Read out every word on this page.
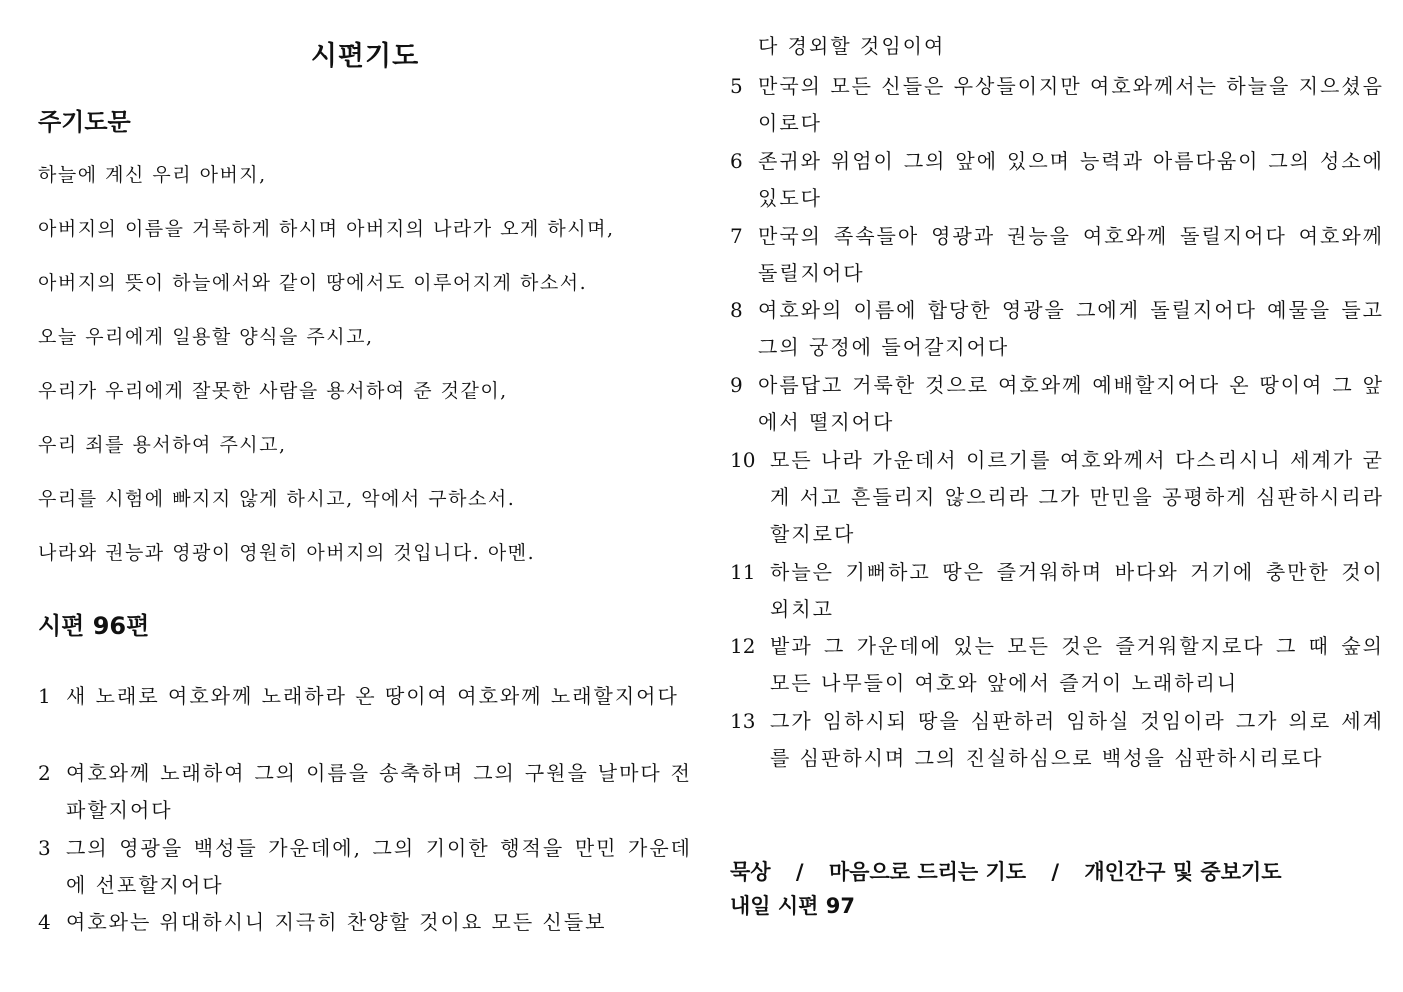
시편기도
주기도문
하늘에 계신 우리 아버지,
아버지의 이름을 거룩하게 하시며 아버지의 나라가 오게 하시며,
아버지의 뜻이 하늘에서와 같이 땅에서도 이루어지게 하소서.
오늘 우리에게 일용할 양식을 주시고,
우리가 우리에게 잘못한 사람을 용서하여 준 것같이,
우리 죄를 용서하여 주시고,
우리를 시험에 빠지지 않게 하시고, 악에서 구하소서.
나라와 권능과 영광이 영원히 아버지의 것입니다. 아멘.
시편 96편
1 새 노래로 여호와께 노래하라 온 땅이여 여호와께 노래할지어다
2 여호와께 노래하여 그의 이름을 송축하며 그의 구원을 날마다 전파할지어다
3 그의 영광을 백성들 가운데에, 그의 기이한 행적을 만민 가운데에 선포할지어다
4 여호와는 위대하시니 지극히 찬양할 것이요 모든 신들보
다 경외할 것임이여
5 만국의 모든 신들은 우상들이지만 여호와께서는 하늘을 지으셨음이로다
6 존귀와 위엄이 그의 앞에 있으며 능력과 아름다움이 그의 성소에 있도다
7 만국의 족속들아 영광과 권능을 여호와께 돌릴지어다 여호와께 돌릴지어다
8 여호와의 이름에 합당한 영광을 그에게 돌릴지어다 예물을 들고 그의 궁정에 들어갈지어다
9 아름답고 거룩한 것으로 여호와께 예배할지어다 온 땅이여 그 앞에서 떨지어다
10 모든 나라 가운데서 이르기를 여호와께서 다스리시니 세계가 굳게 서고 흔들리지 않으리라 그가 만민을 공평하게 심판하시리라 할지로다
11 하늘은 기뻐하고 땅은 즐거워하며 바다와 거기에 충만한 것이 외치고
12 밭과 그 가운데에 있는 모든 것은 즐거워할지로다 그 때 숲의 모든 나무들이 여호와 앞에서 즐거이 노래하리니
13 그가 임하시되 땅을 심판하러 임하실 것임이라 그가 의로 세계를 심판하시며 그의 진실하심으로 백성을 심판하시리로다
묵상 / 마음으로 드리는 기도 / 개인간구 및 중보기도
내일 시편 97
